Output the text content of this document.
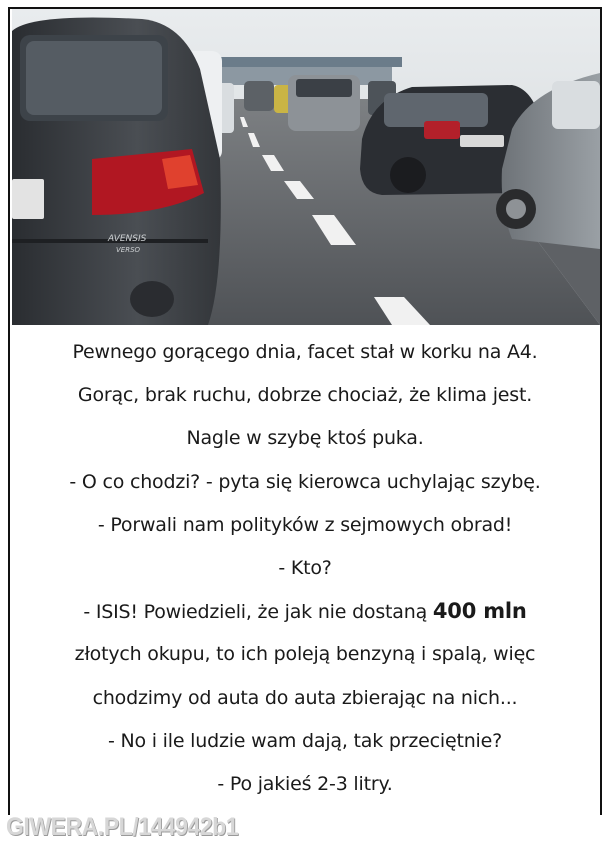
AVENSIS
VERSO
Pewnego gorącego dnia, facet stał w korku na A4.
Gorąc, brak ruchu, dobrze chociaż, że klima jest.
Nagle w szybę ktoś puka.
- O co chodzi? - pyta się kierowca uchylając szybę.
- Porwali nam polityków z sejmowych obrad!
- Kto?
- ISIS! Powiedzieli, że jak nie dostaną 400 mln
złotych okupu, to ich poleją benzyną i spalą, więc
chodzimy od auta do auta zbierając na nich...
- No i ile ludzie wam dają, tak przeciętnie?
- Po jakieś 2-3 litry.
GIWERA.PL/144942b1
